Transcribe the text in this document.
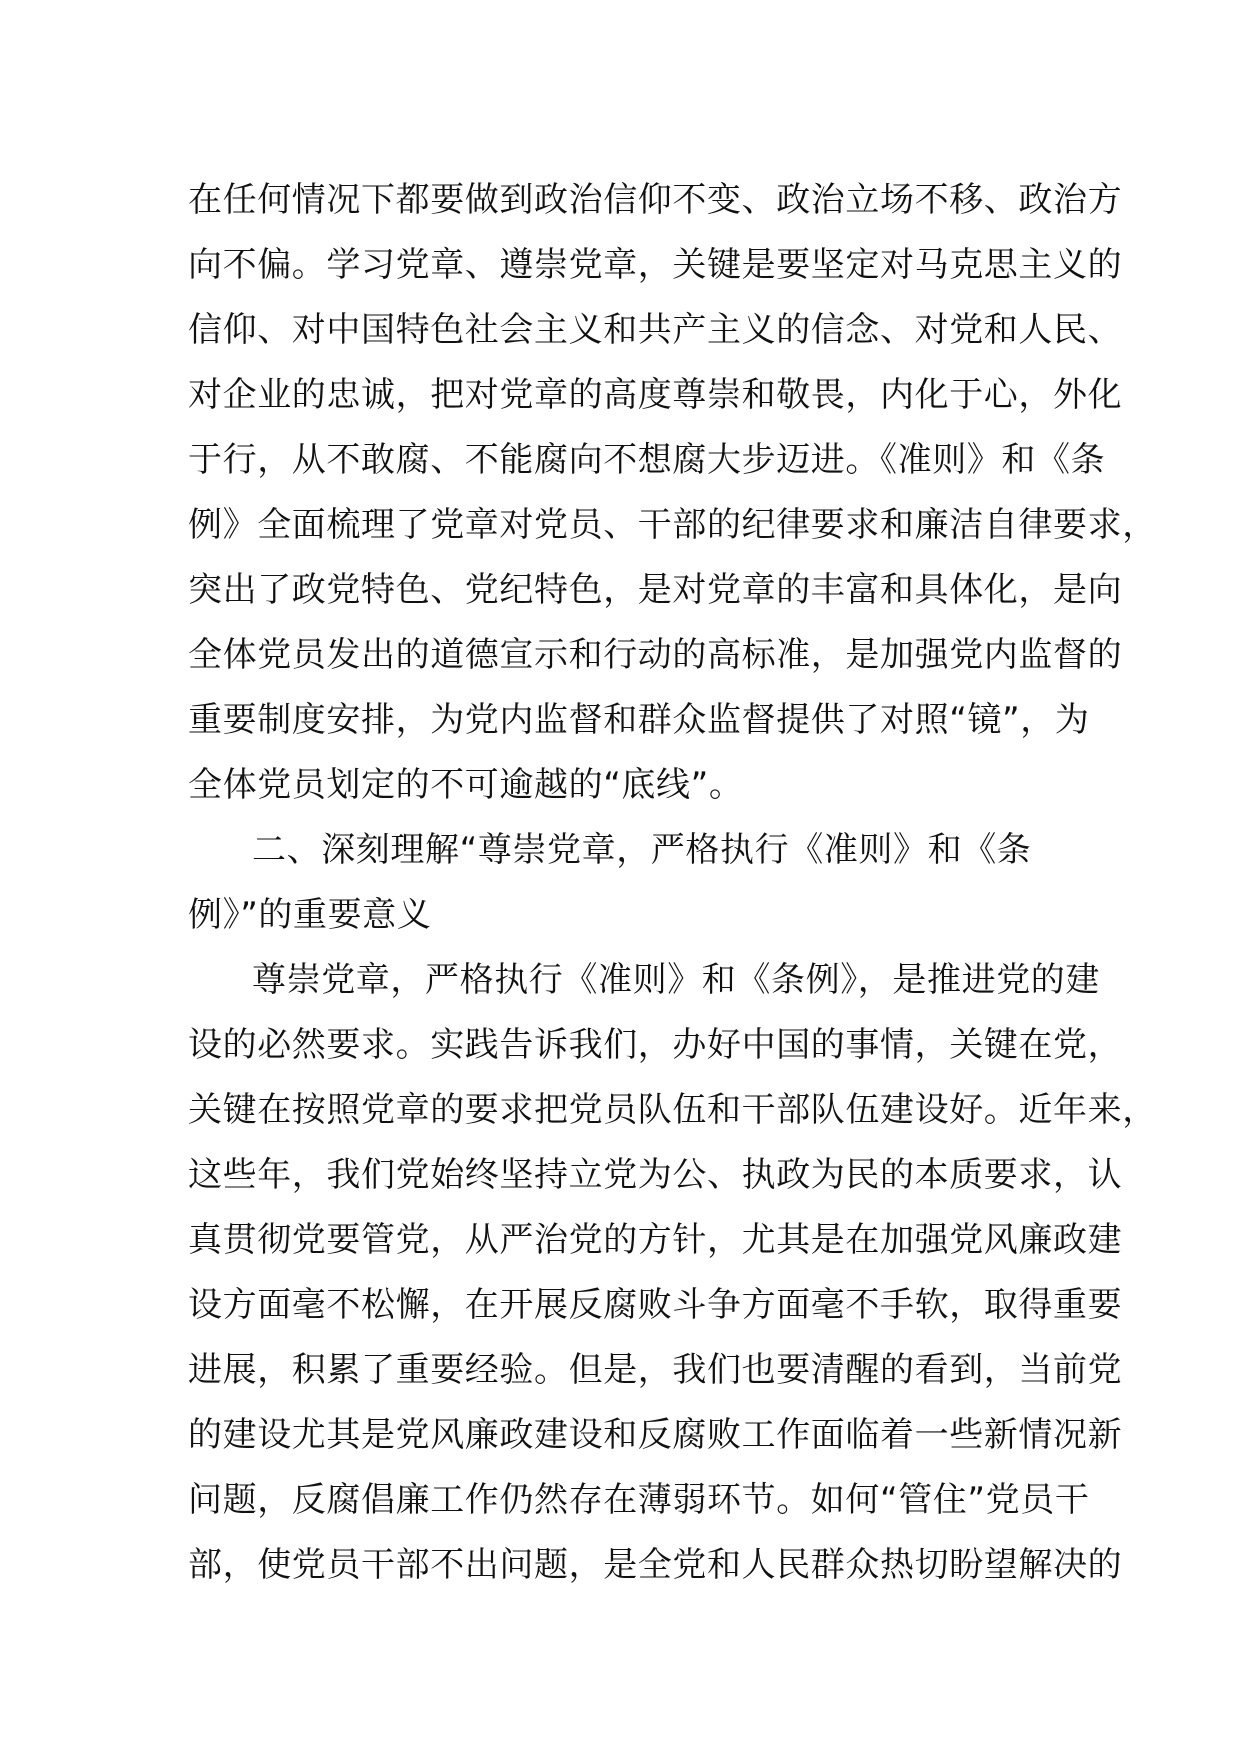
在任何情况下都要做到政治信仰不变、政治立场不移、政治方
向不偏。学习党章、遵崇党章，关键是要坚定对马克思主义的
信仰、对中国特色社会主义和共产主义的信念、对党和人民、
对企业的忠诚，把对党章的高度尊崇和敬畏，内化于心，外化
于行，从不敢腐、不能腐向不想腐大步迈进。《准则》和《条
例》全面梳理了党章对党员、干部的纪律要求和廉洁自律要求，
突出了政党特色、党纪特色，是对党章的丰富和具体化，是向
全体党员发出的道德宣示和行动的高标准，是加强党内监督的
重要制度安排，为党内监督和群众监督提供了对照“镜”，为
全体党员划定的不可逾越的“底线”。
二、深刻理解“尊崇党章，严格执行《准则》和《条
例》”的重要意义
尊崇党章，严格执行《准则》和《条例》，是推进党的建
设的必然要求。实践告诉我们，办好中国的事情，关键在党，
关键在按照党章的要求把党员队伍和干部队伍建设好。近年来，
这些年，我们党始终坚持立党为公、执政为民的本质要求，认
真贯彻党要管党，从严治党的方针，尤其是在加强党风廉政建
设方面毫不松懈，在开展反腐败斗争方面毫不手软，取得重要
进展，积累了重要经验。但是，我们也要清醒的看到，当前党
的建设尤其是党风廉政建设和反腐败工作面临着一些新情况新
问题，反腐倡廉工作仍然存在薄弱环节。如何“管住”党员干
部，使党员干部不出问题，是全党和人民群众热切盼望解决的
